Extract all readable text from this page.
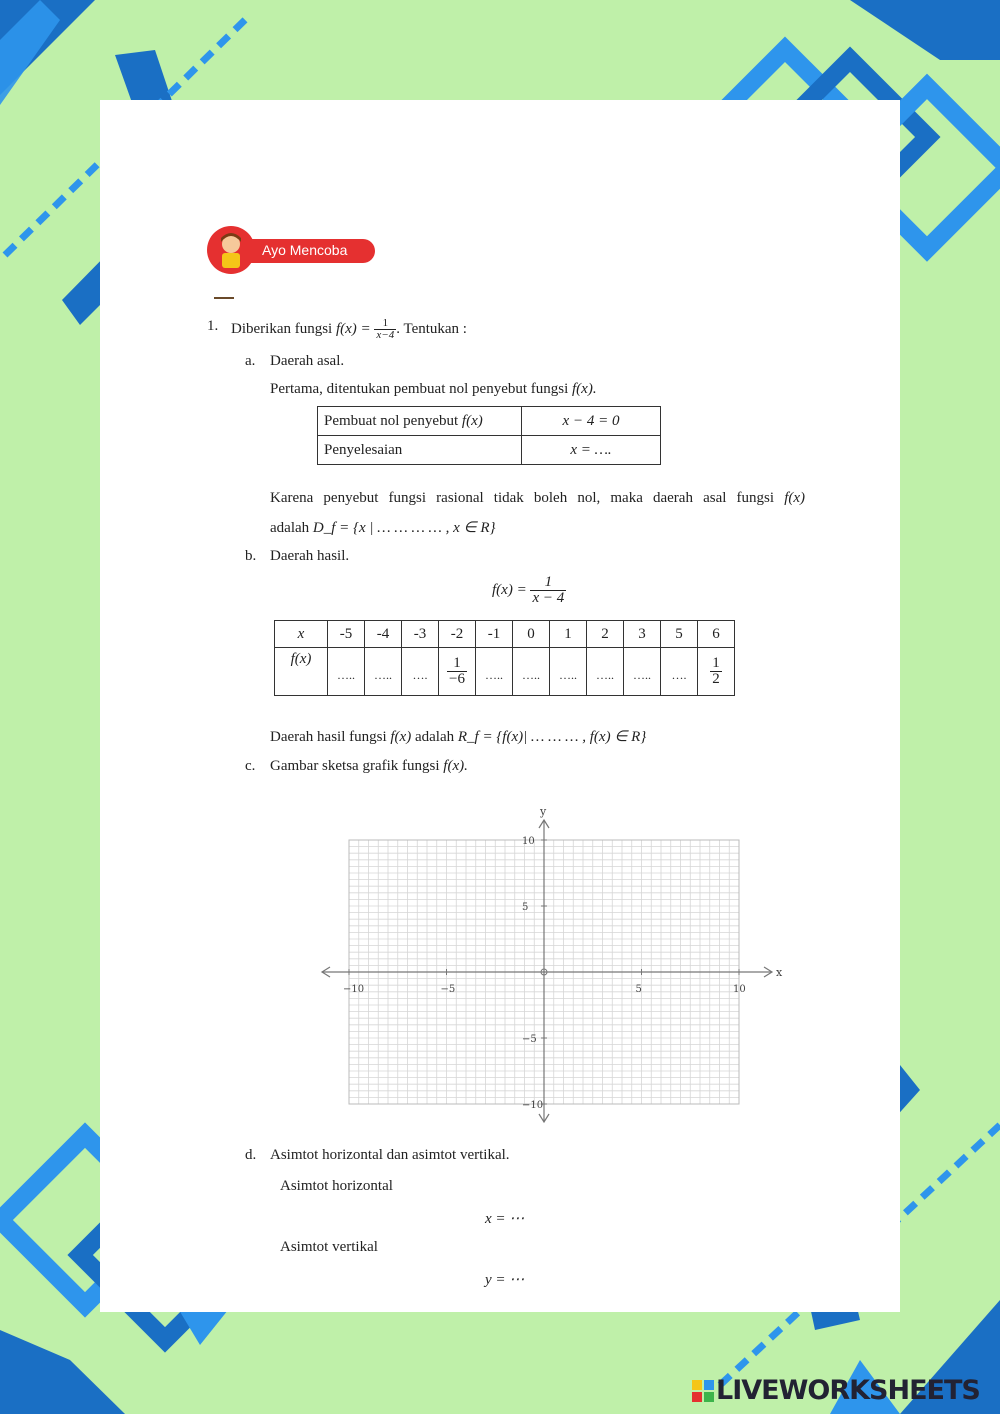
Ayo Mencoba
1. Diberikan fungsi $f(x) = \frac{1}{x-4}$ . Tentukan :
a. Daerah asal.
Pertama, ditentukan pembuat nol penyebut fungsi f(x).
Pembuat nol penyebut f(x)	x − 4 = 0
Penyelesaian	x = ….
Karena penyebut fungsi rasional tidak boleh nol, maka daerah asal fungsi f(x)
adalah D_f = {x | … … … … , x ∈ R}
b. Daerah hasil.
$f(x) = \frac{1}{x - 4}$
x	-5	-4	-3	-2	-1	0	1	2	3	5	6
f(x)	…..	…..	….	$\frac{1}{-6}$	…..	…..	…..	…..	…..	….	$\frac{1}{2}$
Daerah hasil fungsi f(x) adalah R_f = {f(x)| … … … , f(x) ∈ R}
c. Gambar sketsa grafik fungsi f(x).
x
y
−10	−5	5	10
10
5
−5
−10
d. Asimtot horizontal dan asimtot vertikal.
Asimtot horizontal
x = ⋯
Asimtot vertikal
y = ⋯
LIVEWORKSHEETS
